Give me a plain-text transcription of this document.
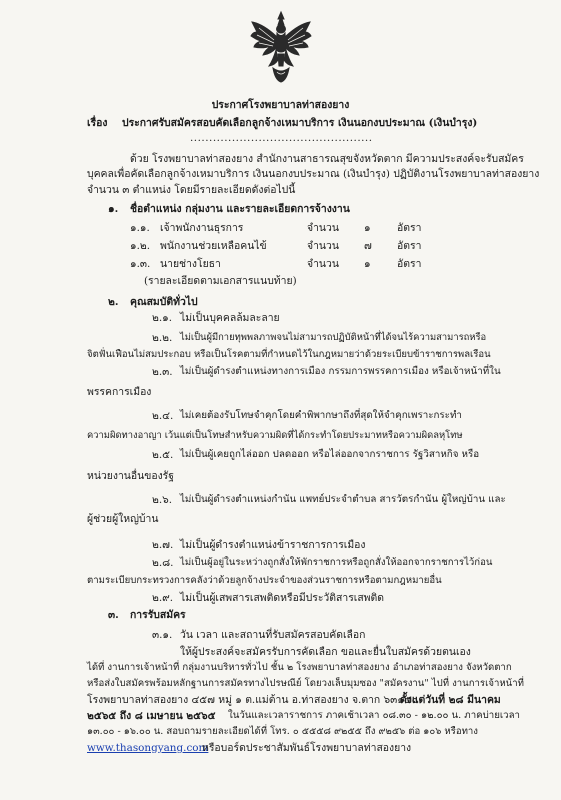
ประกาศโรงพยาบาลท่าสองยาง
เรื่อง ประกาศรับสมัครสอบคัดเลือกลูกจ้างเหมาบริการ เงินนอกงบประมาณ (เงินบำรุง)
................................................
ด้วย โรงพยาบาลท่าสองยาง สำนักงานสาธารณสุขจังหวัดตาก มีความประสงค์จะรับสมัคร
บุคคลเพื่อคัดเลือกลูกจ้างเหมาบริการ เงินนอกงบประมาณ (เงินบำรุง) ปฏิบัติงานโรงพยาบาลท่าสองยาง
จำนวน ๓ ตำแหน่ง โดยมีรายละเอียดดังต่อไปนี้
๑. ชื่อตำแหน่ง กลุ่มงาน และรายละเอียดการจ้างงาน
๑.๑. เจ้าพนักงานธุรการ	จำนวน ๑	อัตรา
๑.๒. พนักงานช่วยเหลือคนไข้	จำนวน ๗ อัตรา
๑.๓. นายช่างโยธา	จำนวน ๑	อัตรา
(รายละเอียดตามเอกสารแนบท้าย)
๒. คุณสมบัติทั่วไป
๒.๑. ไม่เป็นบุคคลล้มละลาย
๒.๒. ไม่เป็นผู้มีกายทุพพลภาพจนไม่สามารถปฏิบัติหน้าที่ได้จนไร้ความสามารถหรือ
จิตฟั่นเฟือนไม่สมประกอบ หรือเป็นโรคตามที่กำหนดไว้ในกฎหมายว่าด้วยระเบียบข้าราชการพลเรือน
๒.๓. ไม่เป็นผู้ดำรงตำแหน่งทางการเมือง กรรมการพรรคการเมือง หรือเจ้าหน้าที่ใน
พรรคการเมือง
๒.๔. ไม่เคยต้องรับโทษจำคุกโดยคำพิพากษาถึงที่สุดให้จำคุกเพราะกระทำ
ความผิดทางอาญา เว้นแต่เป็นโทษสำหรับความผิดที่ได้กระทำโดยประมาทหรือความผิดลหุโทษ
๒.๕. ไม่เป็นผู้เคยถูกไล่ออก ปลดออก หรือไล่ออกจากราชการ รัฐวิสาหกิจ หรือ
หน่วยงานอื่นของรัฐ
๒.๖. ไม่เป็นผู้ดำรงตำแหน่งกำนัน แพทย์ประจำตำบล สารวัตรกำนัน ผู้ใหญ่บ้าน และ
ผู้ช่วยผู้ใหญ่บ้าน
๒.๗. ไม่เป็นผู้ดำรงตำแหน่งข้าราชการการเมือง
๒.๘. ไม่เป็นผู้อยู่ในระหว่างถูกสั่งให้พักราชการหรือถูกสั่งให้ออกจากราชการไว้ก่อน
ตามระเบียบกระทรวงการคลังว่าด้วยลูกจ้างประจำของส่วนราชการหรือตามกฎหมายอื่น
๒.๙. ไม่เป็นผู้เสพสารเสพติดหรือมีประวัติสารเสพติด
๓. การรับสมัคร
๓.๑. วัน เวลา และสถานที่รับสมัครสอบคัดเลือก
ให้ผู้ประสงค์จะสมัครรับการคัดเลือก ขอและยื่นใบสมัครด้วยตนเอง
ได้ที่ งานการเจ้าหน้าที่ กลุ่มงานบริหารทั่วไป ชั้น ๒ โรงพยาบาลท่าสองยาง อำเภอท่าสองยาง จังหวัดตาก
หรือส่งใบสมัครพร้อมหลักฐานการสมัครทางไปรษณีย์ โดยวงเล็บมุมซอง "สมัครงาน" ไปที่ งานการเจ้าหน้าที่
โรงพยาบาลท่าสองยาง ๔๕๗ หมู่ ๑ ต.แม่ต้าน อ.ท่าสองยาง จ.ตาก ๖๓๑๕๐
ตั้งแต่วันที่ ๒๘ มีนาคม
๒๕๖๕ ถึง ๘ เมษายน ๒๕๖๕ ในวันและเวลาราชการ ภาคเช้าเวลา ๐๘.๓๐ - ๑๒.๐๐ น. ภาคบ่ายเวลา
๑๓.๐๐ - ๑๖.๐๐ น. สอบถามรายละเอียดได้ที่ โทร. ๐ ๕๕๕๘ ๙๒๕๕ ถึง ๙๒๕๖ ต่อ ๑๐๖ หรือทาง
www.thasongyang.com
หรือบอร์ดประชาสัมพันธ์โรงพยาบาลท่าสองยาง
